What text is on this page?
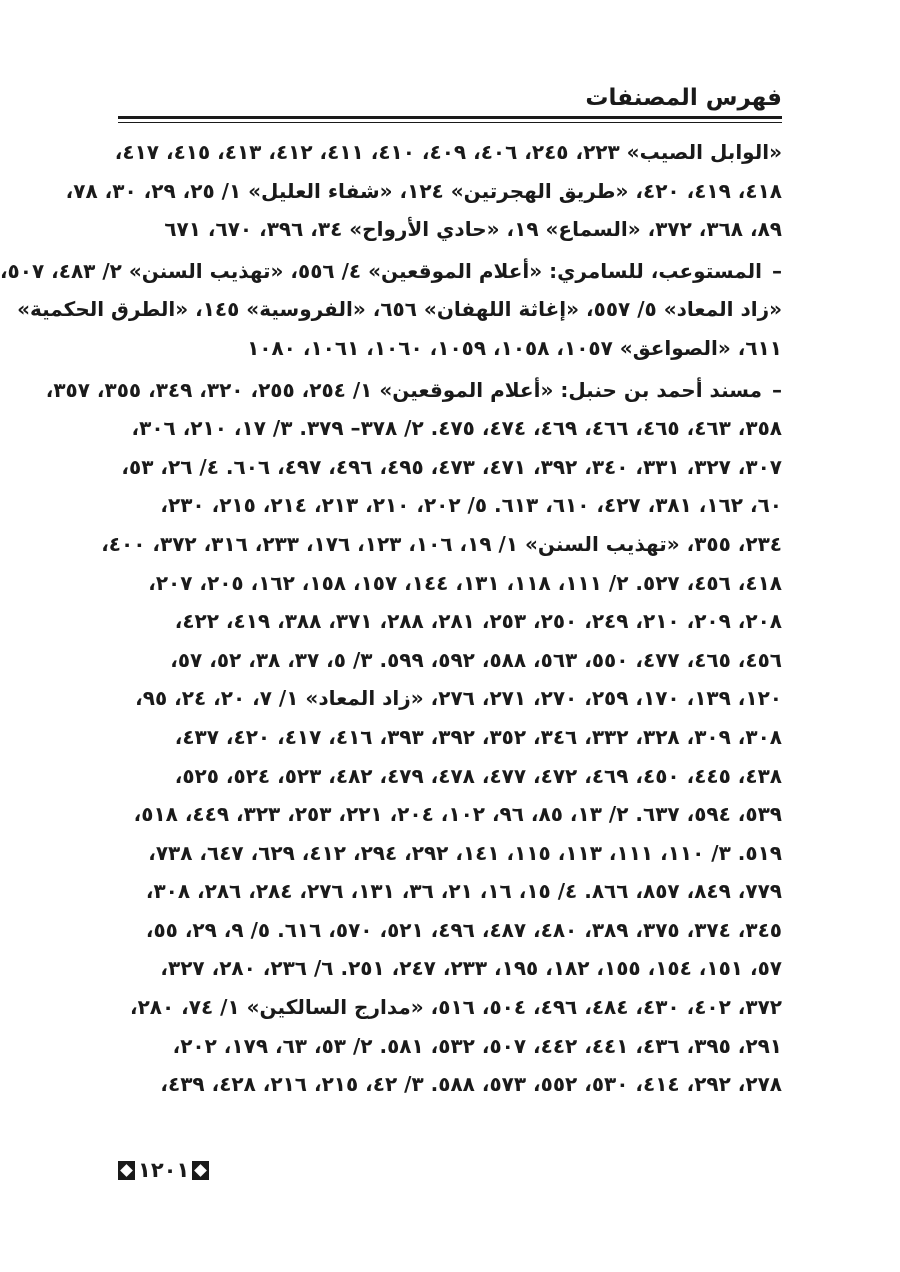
فهرس المصنفات
«الوابل الصيب» ٢٢٣، ٢٤٥، ٤٠٦، ٤٠٩، ٤١٠، ٤١١، ٤١٢، ٤١٣، ٤١٥، ٤١٧،
٤١٨، ٤١٩، ٤٢٠، «طريق الهجرتين» ١٢٤، «شفاء العليل» ١/ ٢٥، ٢٩، ٣٠، ٧٨،
٨٩، ٣٦٨، ٣٧٢، «السماع» ١٩، «حادي الأرواح» ٣٤، ٣٩٦، ٦٧٠، ٦٧١
–المستوعب، للسامري: «أعلام الموقعين» ٤/ ٥٥٦، «تهذيب السنن» ٢/ ٤٨٣، ٥٠٧،
«زاد المعاد» ٥/ ٥٥٧، «إغاثة اللهفان» ٦٥٦، «الفروسية» ١٤٥، «الطرق الحكمية»
٦١١، «الصواعق» ١٠٥٧، ١٠٥٨، ١٠٥٩، ١٠٦٠، ١٠٦١، ١٠٨٠
–مسند أحمد بن حنبل: «أعلام الموقعين» ١/ ٢٥٤، ٢٥٥، ٣٢٠، ٣٤٩، ٣٥٥، ٣٥٧،
٣٥٨، ٤٦٣، ٤٦٥، ٤٦٦، ٤٦٩، ٤٧٤، ٤٧٥. ٢/ ٣٧٨– ٣٧٩. ٣/ ١٧، ٢١٠، ٣٠٦،
٣٠٧، ٣٢٧، ٣٣١، ٣٤٠، ٣٩٢، ٤٧١، ٤٧٣، ٤٩٥، ٤٩٦، ٤٩٧، ٦٠٦. ٤/ ٢٦، ٥٣،
٦٠، ١٦٢، ٣٨١، ٤٢٧، ٦١٠، ٦١٣. ٥/ ٢٠٢، ٢١٠، ٢١٣، ٢١٤، ٢١٥، ٢٣٠،
٢٣٤، ٣٥٥، «تهذيب السنن» ١/ ١٩، ١٠٦، ١٢٣، ١٧٦، ٢٣٣، ٣١٦، ٣٧٢، ٤٠٠،
٤١٨، ٤٥٦، ٥٢٧. ٢/ ١١١، ١١٨، ١٣١، ١٤٤، ١٥٧، ١٥٨، ١٦٢، ٢٠٥، ٢٠٧،
٢٠٨، ٢٠٩، ٢١٠، ٢٤٩، ٢٥٠، ٢٥٣، ٢٨١، ٢٨٨، ٣٧١، ٣٨٨، ٤١٩، ٤٢٢،
٤٥٦، ٤٦٥، ٤٧٧، ٥٥٠، ٥٦٣، ٥٨٨، ٥٩٢، ٥٩٩. ٣/ ٥، ٣٧، ٣٨، ٥٢، ٥٧،
١٢٠، ١٣٩، ١٧٠، ٢٥٩، ٢٧٠، ٢٧١، ٢٧٦، «زاد المعاد» ١/ ٧، ٢٠، ٢٤، ٩٥،
٣٠٨، ٣٠٩، ٣٢٨، ٣٣٢، ٣٤٦، ٣٥٢، ٣٩٢، ٣٩٣، ٤١٦، ٤١٧، ٤٢٠، ٤٣٧،
٤٣٨، ٤٤٥، ٤٥٠، ٤٦٩، ٤٧٢، ٤٧٧، ٤٧٨، ٤٧٩، ٤٨٢، ٥٢٣، ٥٢٤، ٥٢٥،
٥٣٩، ٥٩٤، ٦٣٧. ٢/ ١٣، ٨٥، ٩٦، ١٠٢، ٢٠٤، ٢٢١، ٢٥٣، ٣٢٣، ٤٤٩، ٥١٨،
٥١٩. ٣/ ١١٠، ١١١، ١١٣، ١١٥، ١٤١، ٢٩٢، ٢٩٤، ٤١٢، ٦٢٩، ٦٤٧، ٧٣٨،
٧٧٩، ٨٤٩، ٨٥٧، ٨٦٦. ٤/ ١٥، ١٦، ٢١، ٣٦، ١٣١، ٢٧٦، ٢٨٤، ٢٨٦، ٣٠٨،
٣٤٥، ٣٧٤، ٣٧٥، ٣٨٩، ٤٨٠، ٤٨٧، ٤٩٦، ٥٢١، ٥٧٠، ٦١٦. ٥/ ٩، ٢٩، ٥٥،
٥٧، ١٥١، ١٥٤، ١٥٥، ١٨٢، ١٩٥، ٢٣٣، ٢٤٧، ٢٥١. ٦/ ٢٣٦، ٢٨٠، ٣٢٧،
٣٧٢، ٤٠٢، ٤٣٠، ٤٨٤، ٤٩٦، ٥٠٤، ٥١٦، «مدارج السالكين» ١/ ٧٤، ٢٨٠،
٢٩١، ٣٩٥، ٤٣٦، ٤٤١، ٤٤٢، ٥٠٧، ٥٣٢، ٥٨١. ٢/ ٥٣، ٦٣، ١٧٩، ٢٠٢،
٢٧٨، ٢٩٢، ٤١٤، ٥٣٠، ٥٥٢، ٥٧٣، ٥٨٨. ٣/ ٤٢، ٢١٥، ٢١٦، ٤٢٨، ٤٣٩،
١٢٠١
